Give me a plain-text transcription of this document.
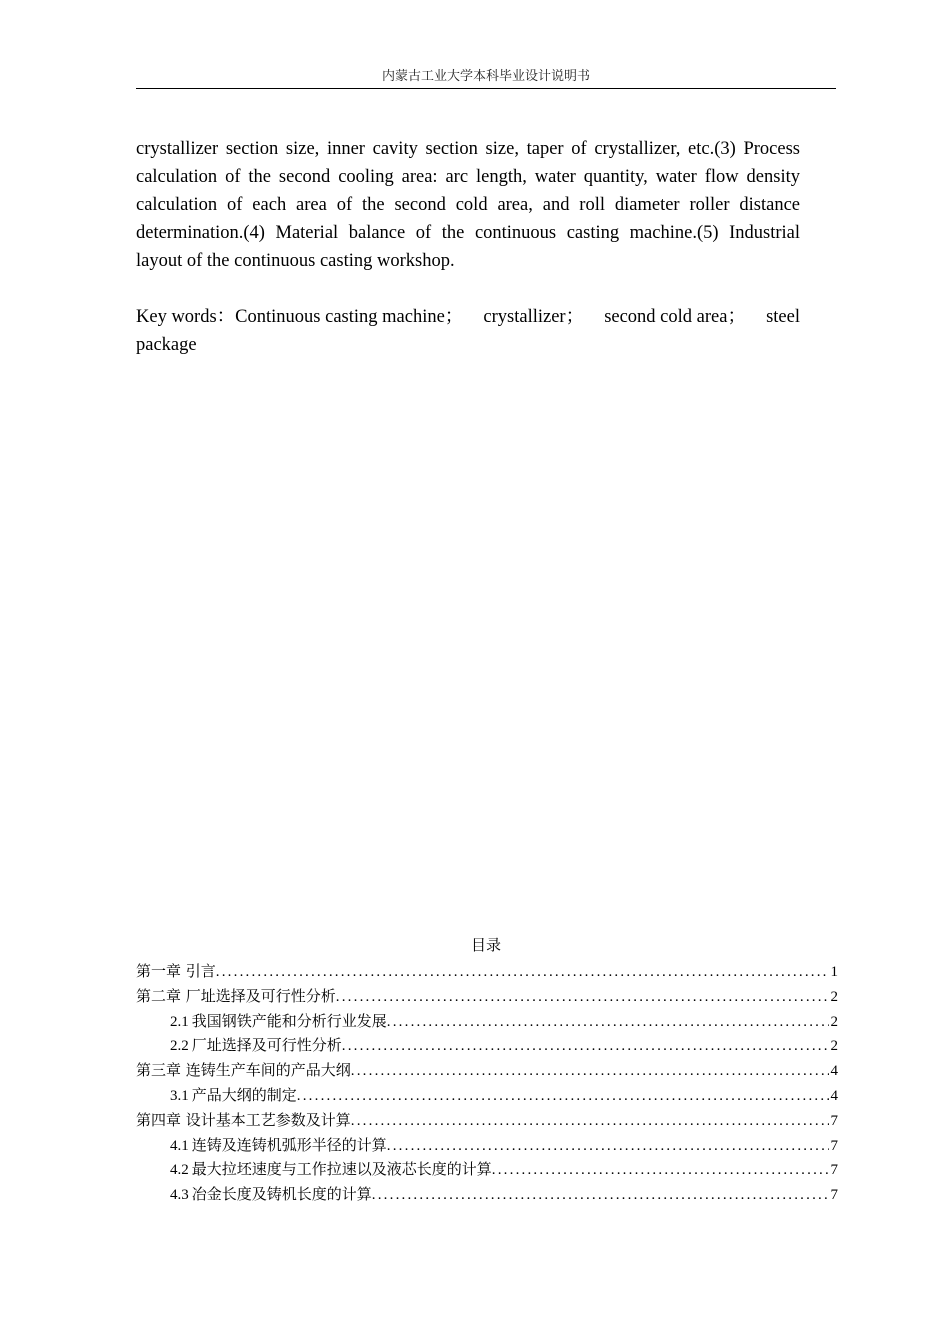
内蒙古工业大学本科毕业设计说明书

crystallizer section size, inner cavity section size, taper of crystallizer, etc.(3) Process calculation of the second cooling area: arc length, water quantity, water flow density calculation of each area of the second cold area, and roll diameter roller distance determination.(4) Material balance of the continuous casting machine.(5) Industrial layout of the continuous casting workshop.

Key words：Continuous casting machine； crystallizer； second cold area； steel
package
目录
第一章 引言 .....	1
第二章 厂址选择及可行性分析 .....	2
2.1 我国钢铁产能和分析行业发展 .....	2
2.2 厂址选择及可行性分析 .....	2
第三章 连铸生产车间的产品大纲 .....	4
3.1 产品大纲的制定 .....	4
第四章 设计基本工艺参数及计算 .....	7
4.1 连铸及连铸机弧形半径的计算 .....	7
4.2 最大拉坯速度与工作拉速以及液芯长度的计算 .....	7
4.3 冶金长度及铸机长度的计算 .....	7
